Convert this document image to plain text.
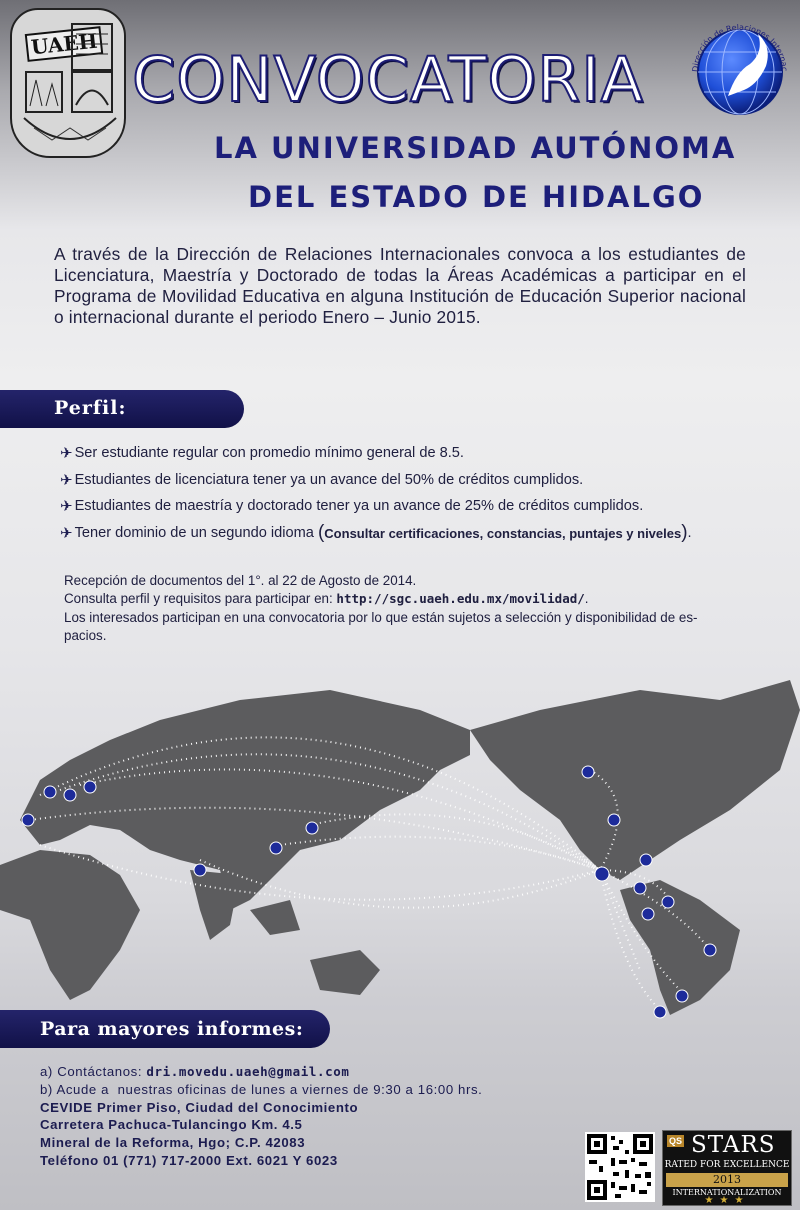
UAEH CONVOCATORIA	Dirección de Relaciones Internac
LA UNIVERSIDAD AUTÓNOMA
DEL ESTADO DE HIDALGO

A través de la Dirección de Relaciones Internacionales convoca a los estudiantes de Licenciatura, Maestría y Doctorado de todas la Áreas Académicas a participar en el Programa de Movilidad Educativa en alguna Institución de Educación Superior nacional o internacional durante el periodo Enero – Junio 2015.

Perfil:
✈ Ser estudiante regular con promedio mínimo general de 8.5.
✈ Estudiantes de licenciatura tener ya un avance del 50% de créditos cumplidos.
✈ Estudiantes de maestría y doctorado tener ya un avance de 25% de créditos cumplidos.
✈ Tener dominio de un segundo idioma ( Consultar certificaciones, constancias, puntajes y niveles ) .
Recepción de documentos del 1°. al 22 de Agosto de 2014.
Consulta perfil y requisitos para participar en: http://sgc.uaeh.edu.mx/movilidad/.
Los interesados participan en una convocatoria por lo que están sujetos a selección y disponibilidad de es-
pacios.
Para mayores informes:
a) Contáctanos: dri.movedu.uaeh@gmail.com
b) Acude a  nuestras oficinas de lunes a viernes de 9:30 a 16:00 hrs.
CEVIDE Primer Piso, Ciudad del Conocimiento
Carretera Pachuca-Tulancingo Km. 4.5
Mineral de la Reforma, Hgo; C.P. 42083
Teléfono 01 (771) 717-2000 Ext. 6021 Y 6023
QS STARS
RATED FOR EXCELLENCE
2013
INTERNATIONALIZATION
★★★
